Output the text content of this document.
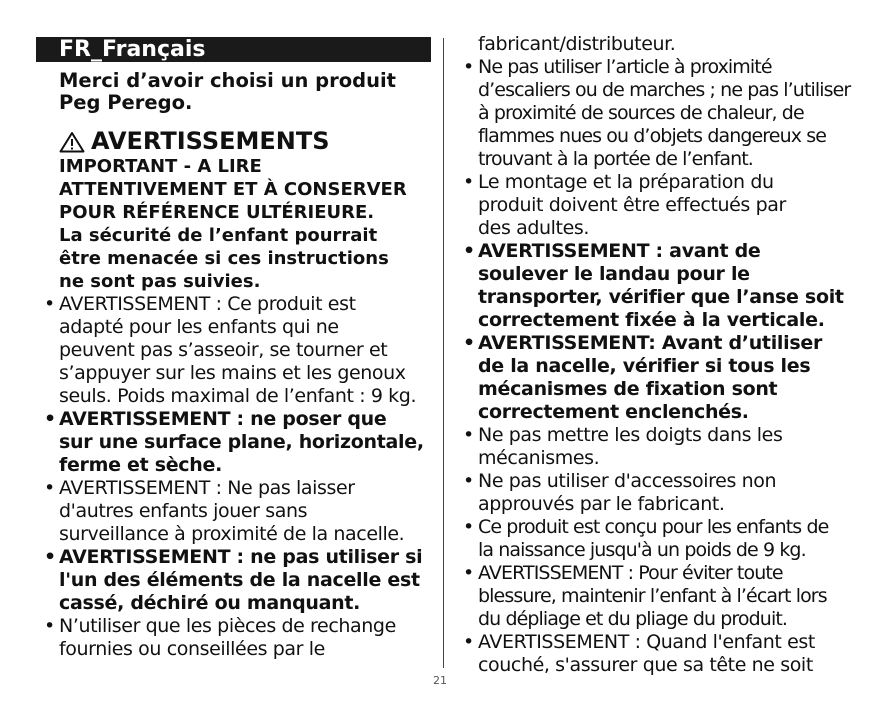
FR_Français

Merci d’avoir choisi un produit
Peg Perego.

AVERTISSEMENTS

IMPORTANT - A LIRE
ATTENTIVEMENT ET À CONSERVER
POUR RÉFÉRENCE ULTÉRIEURE.
La sécurité de l’enfant pourrait
être menacée si ces instructions
ne sont pas suivies.

• AVERTISSEMENT : Ce produit est
adapté pour les enfants qui ne
peuvent pas s’asseoir, se tourner et
s’appuyer sur les mains et les genoux
seuls. Poids maximal de l’enfant : 9 kg.
• AVERTISSEMENT : ne poser que
sur une surface plane, horizontale,
ferme et sèche.
• AVERTISSEMENT : Ne pas laisser
d'autres enfants jouer sans
surveillance à proximité de la nacelle.
• AVERTISSEMENT : ne pas utiliser si
l'un des éléments de la nacelle est
cassé, déchiré ou manquant.
• N’utiliser que les pièces de rechange
fournies ou conseillées par le
fabricant/distributeur.
• Ne pas utiliser l’article à proximité
d’escaliers ou de marches ; ne pas l’utiliser
à proximité de sources de chaleur, de
flammes nues ou d’objets dangereux se
trouvant à la portée de l’enfant.
• Le montage et la préparation du
produit doivent être effectués par
des adultes.
• AVERTISSEMENT : avant de
soulever le landau pour le
transporter, vérifier que l’anse soit
correctement fixée à la verticale.
• AVERTISSEMENT: Avant d’utiliser
de la nacelle, vérifier si tous les
mécanismes de fixation sont
correctement enclenchés.
• Ne pas mettre les doigts dans les
mécanismes.
• Ne pas utiliser d'accessoires non
approuvés par le fabricant.
• Ce produit est conçu pour les enfants de
la naissance jusqu'à un poids de 9 kg.
• AVERTISSEMENT : Pour éviter toute
blessure, maintenir l’enfant à l’écart lors
du dépliage et du pliage du produit.
• AVERTISSEMENT : Quand l'enfant est
couché, s'assurer que sa tête ne soit
21
